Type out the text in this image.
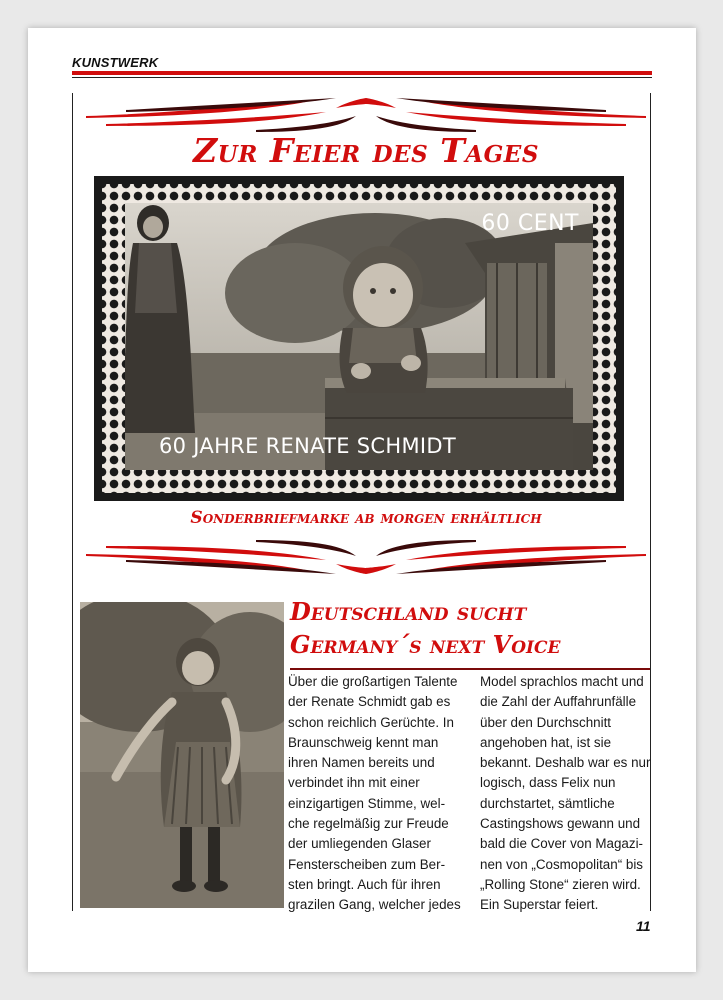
KUNSTWERK
Zur Feier des Tages
60 CENT
60 JAHRE RENATE SCHMIDT
Sonderbriefmarke ab morgen erhältlich
Deutschland sucht
Germany´s next Voice

Über die großartigen Talente der Renate Schmidt gab es schon reichlich Gerüchte. In Braunschweig kennt man ihren Namen bereits und verbindet ihn mit einer einzigartigen Stimme, wel-che regelmäßig zur Freude der umliegenden Glaser Fensterscheiben zum Ber-sten bringt. Auch für ihren grazilen Gang, welcher jedes

Model sprachlos macht und die Zahl der Auffahrunfälle über den Durchschnitt angehoben hat, ist sie bekannt. Deshalb war es nur logisch, dass Felix nun durchstartet, sämtliche Castingshows gewann und bald die Cover von Magazi-nen von „Cosmopolitan“ bis „Rolling Stone“ zieren wird. Ein Superstar feiert.

11
